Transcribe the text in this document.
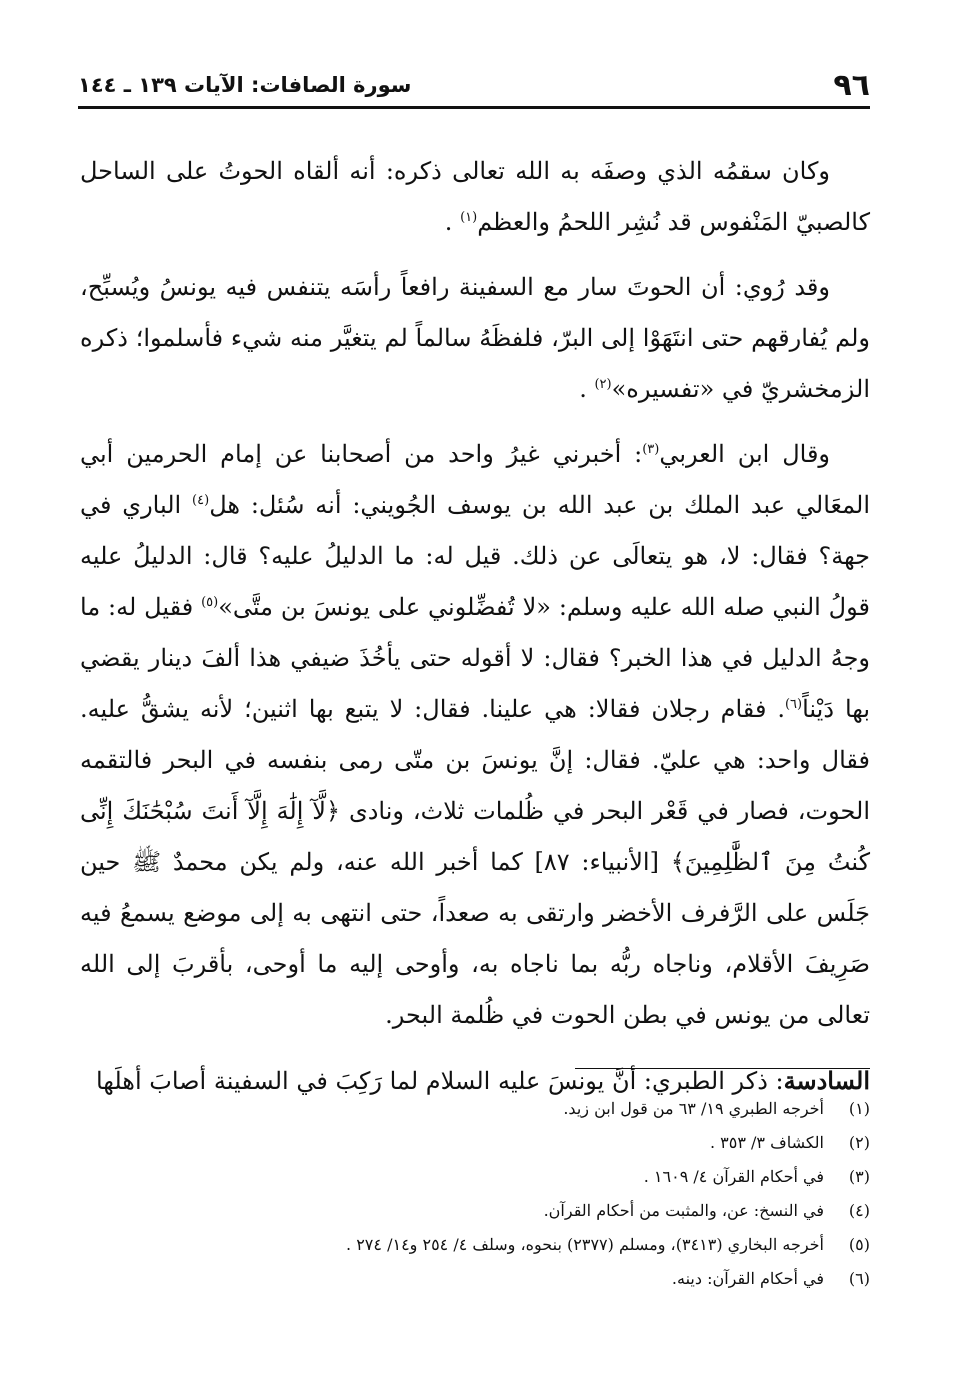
٩٦
سورة الصافات: الآيات ١٣٩ ـ ١٤٤

وكان سقمُه الذي وصفَه به الله تعالى ذكره: أنه ألقاه الحوتُ على الساحل كالصبيّ المَنْفوس قد نُشِر اللحمُ والعظم$^{(١)}$ .

وقد رُوي: أن الحوتَ سار مع السفينة رافعاً رأسَه يتنفس فيه يونسُ ويُسبِّح، ولم يُفارقهم حتى انتَهَوْا إلى البرّ، فلفظَهُ سالماً لم يتغيَّر منه شيء فأسلموا؛ ذكره الزمخشريّ في «تفسيره»$^{(٢)}$ .

وقال ابن العربي$^{(٣)}$: أخبرني غيرُ واحد من أصحابنا عن إمام الحرمين أبي المعَالي عبد الملك بن عبد الله بن يوسف الجُويني: أنه سُئل: هل$^{(٤)}$ الباري في جهة؟ فقال: لا، هو يتعالَى عن ذلك. قيل له: ما الدليلُ عليه؟ قال: الدليلُ عليه قولُ النبي صله الله عليه وسلم: «لا تُفضِّلوني على يونسَ بن متَّى»$^{(٥)}$ فقيل له: ما وجهُ الدليل في هذا الخبر؟ فقال: لا أقوله حتى يأخُذَ ضيفي هذا ألفَ دينار يقضي بها دَيْناً$^{(٦)}$. فقام رجلان فقالا: هي علينا. فقال: لا يتبع بها اثنين؛ لأنه يشقُّ عليه. فقال واحد: هي عليّ. فقال: إنَّ يونسَ بن متّى رمى بنفسه في البحر فالتقمه الحوت، فصار في قَعْر البحر في ظُلمات ثلاث، ونادى ﴿لَّآ إِلَٰهَ إِلَّآ أَنتَ سُبْحَٰنَكَ إِنِّى كُنتُ مِنَ ٱلظَّٰلِمِينَ﴾ [الأنبياء: ٨٧] كما أخبر الله عنه، ولم يكن محمدٌ ﷺ حين جَلَس على الرَّفرف الأخضر وارتقى به صعداً، حتى انتهى به إلى موضع يسمعُ فيه صَرِيفَ الأقلام، وناجاه ربُّه بما ناجاه به، وأوحى إليه ما أوحى، بأقربَ إلى الله تعالى من يونس في بطن الحوت في ظُلمة البحر.

السادسة: ذكر الطبري: أنَّ يونسَ عليه السلام لما رَكِبَ في السفينة أصابَ أهلَها

(١)
أخرجه الطبري ١٩/ ٦٣ من قول ابن زيد.
(٢)
الكشاف ٣/ ٣٥٣ .
(٣)
في أحكام القرآن ٤/ ١٦٠٩ .
(٤)
في النسخ: عن، والمثبت من أحكام القرآن.
(٥)
أخرجه البخاري (٣٤١٣)، ومسلم (٢٣٧٧) بنحوه، وسلف ٤/ ٢٥٤ و١٤/ ٢٧٤ .
(٦)
في أحكام القرآن: دينه.
